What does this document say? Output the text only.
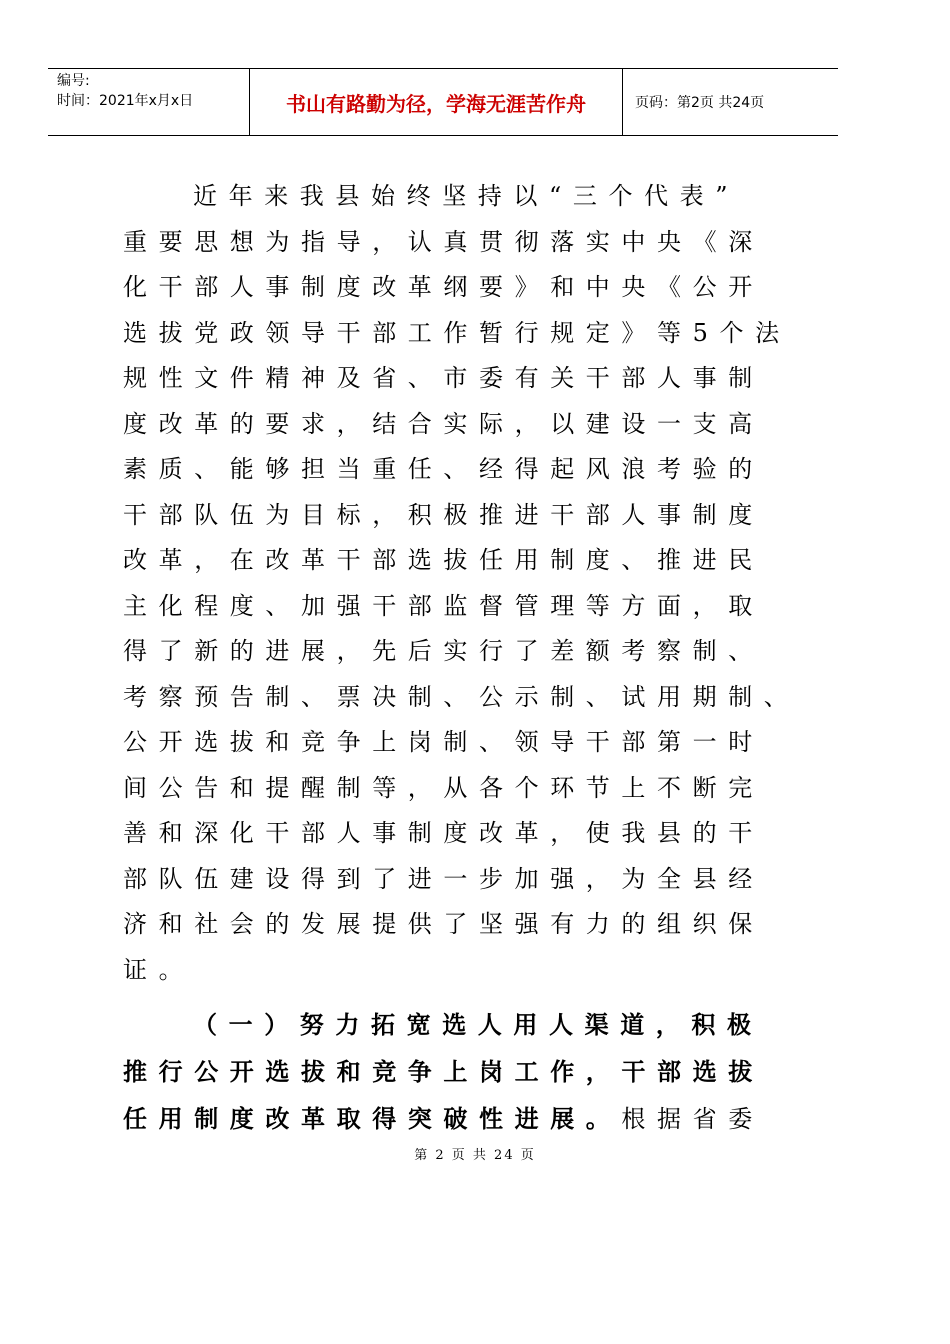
编号:
时间：2021年x月x日	书山有路勤为径，学海无涯苦作舟	页码：第2页 共24页
近年来我县始终坚持以“三个代表”
重要思想为指导，认真贯彻落实中央《深
化干部人事制度改革纲要》和中央《公开
选拔党政领导干部工作暂行规定》等5个法
规性文件精神及省、市委有关干部人事制
度改革的要求，结合实际，以建设一支高
素质、能够担当重任、经得起风浪考验的
干部队伍为目标，积极推进干部人事制度
改革，在改革干部选拔任用制度、推进民
主化程度、加强干部监督管理等方面，取
得了新的进展，先后实行了差额考察制、
考察预告制、票决制、公示制、试用期制、
公开选拔和竞争上岗制、领导干部第一时
间公告和提醒制等，从各个环节上不断完
善和深化干部人事制度改革，使我县的干
部队伍建设得到了进一步加强，为全县经
济和社会的发展提供了坚强有力的组织保
证。
（一）努力拓宽选人用人渠道，积极
推行公开选拔和竞争上岗工作，干部选拔
任用制度改革取得突破性进展。根据省委
第 2 页 共 24 页
